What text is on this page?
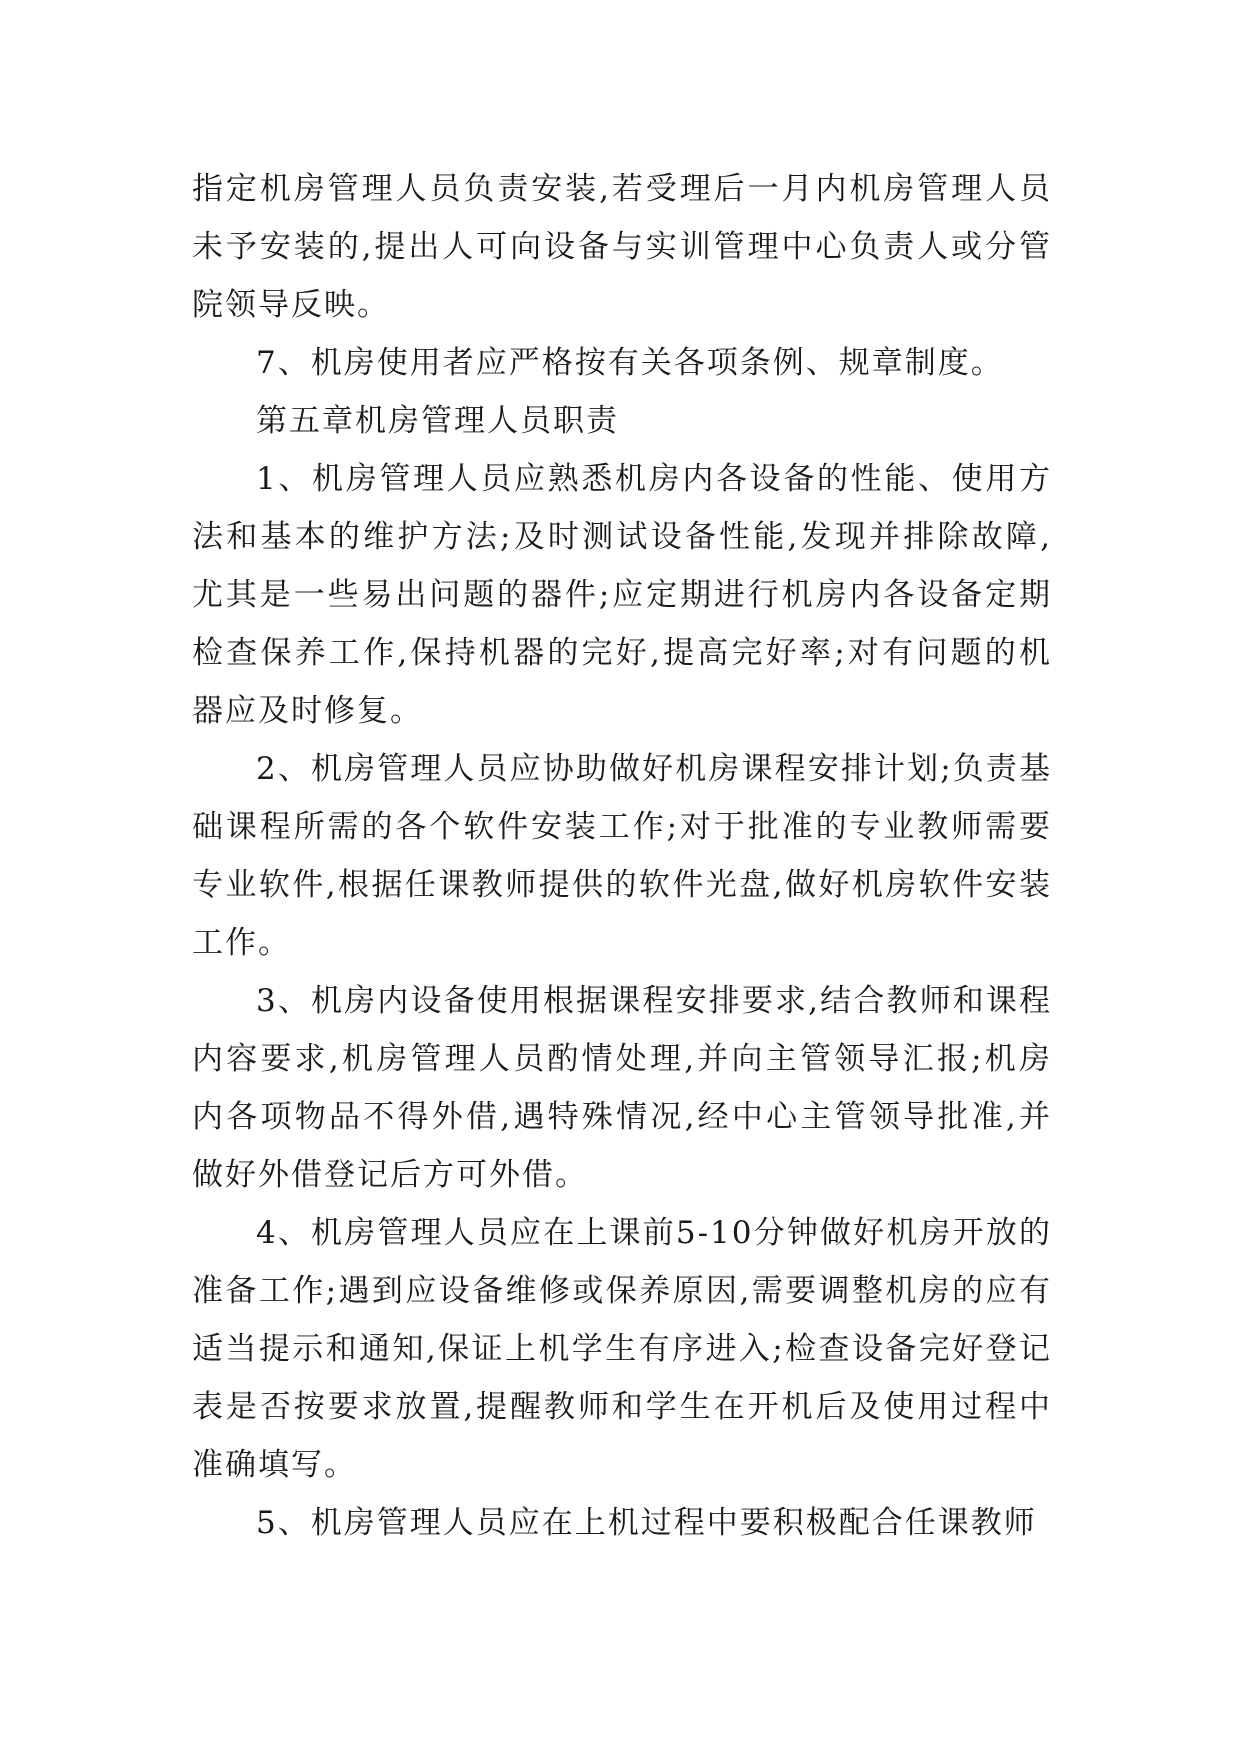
指定机房管理人员负责安装,若受理后一月内机房管理人员未予安装的,提出人可向设备与实训管理中心负责人或分管院领导反映。

7、机房使用者应严格按有关各项条例、规章制度。

第五章机房管理人员职责

1、机房管理人员应熟悉机房内各设备的性能、使用方法和基本的维护方法;及时测试设备性能,发现并排除故障,尤其是一些易出问题的器件;应定期进行机房内各设备定期检查保养工作,保持机器的完好,提高完好率;对有问题的机器应及时修复。

2、机房管理人员应协助做好机房课程安排计划;负责基础课程所需的各个软件安装工作;对于批准的专业教师需要专业软件,根据任课教师提供的软件光盘,做好机房软件安装工作。

3、机房内设备使用根据课程安排要求,结合教师和课程内容要求,机房管理人员酌情处理,并向主管领导汇报;机房内各项物品不得外借,遇特殊情况,经中心主管领导批准,并做好外借登记后方可外借。

4、机房管理人员应在上课前5-10分钟做好机房开放的准备工作;遇到应设备维修或保养原因,需要调整机房的应有适当提示和通知,保证上机学生有序进入;检查设备完好登记表是否按要求放置,提醒教师和学生在开机后及使用过程中准确填写。

5、机房管理人员应在上机过程中要积极配合任课教师
